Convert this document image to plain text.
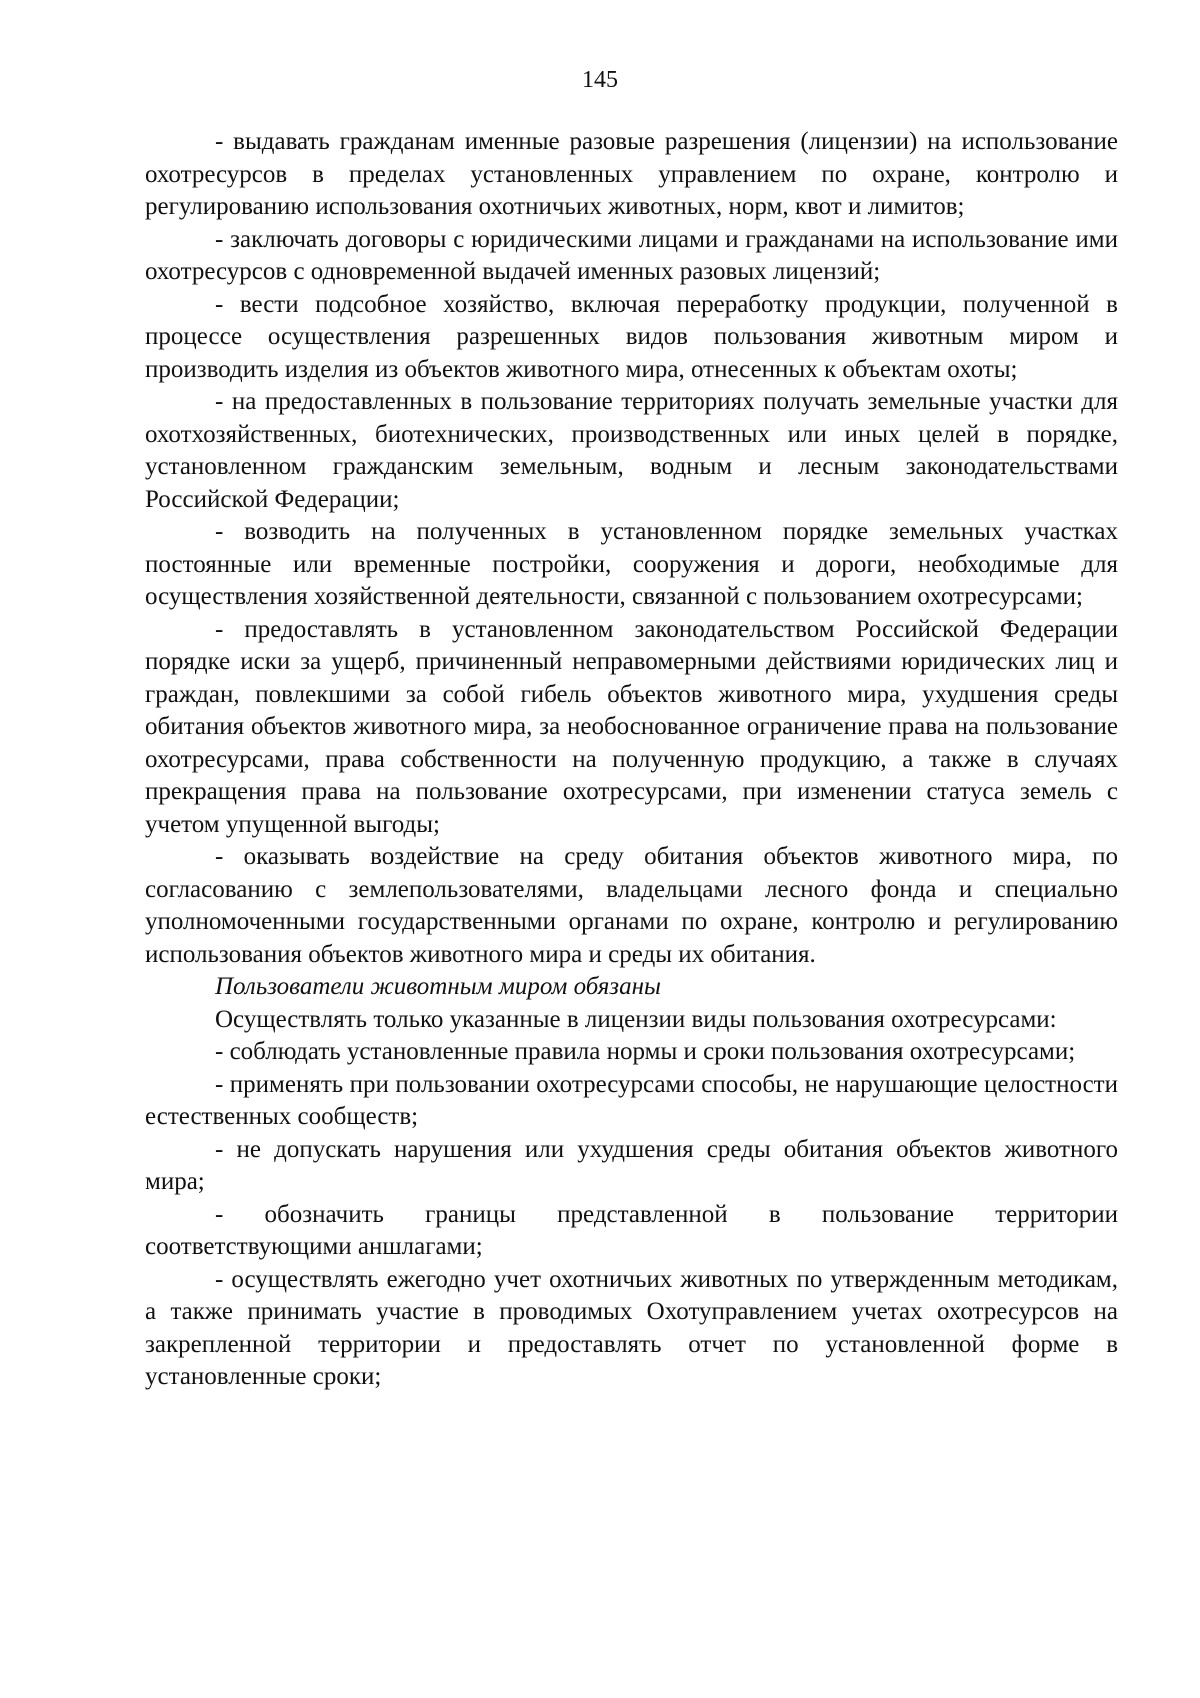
145

- выдавать гражданам именные разовые разрешения (лицензии) на использование охотресурсов в пределах установленных управлением по охране, контролю и регулированию использования охотничьих животных, норм, квот и лимитов;

- заключать договоры с юридическими лицами и гражданами на использование ими охотресурсов с одновременной выдачей именных разовых лицензий;

- вести подсобное хозяйство, включая переработку продукции, полученной в процессе осуществления разрешенных видов пользования животным миром и производить изделия из объектов животного мира, отнесенных к объектам охоты;

- на предоставленных в пользование территориях получать земельные участки для охотхозяйственных, биотехнических, производственных или иных целей в порядке, установленном гражданским земельным, водным и лесным законодательствами Российской Федерации;

- возводить на полученных в установленном порядке земельных участках постоянные или временные постройки, сооружения и дороги, необходимые для осуществления хозяйственной деятельности, связанной с пользованием охотресурсами;

- предоставлять в установленном законодательством Российской Федерации порядке иски за ущерб, причиненный неправомерными действиями юридических лиц и граждан, повлекшими за собой гибель объектов животного мира, ухудшения среды обитания объектов животного мира, за необоснованное ограничение права на пользование охотресурсами, права собственности на полученную продукцию, а также в случаях прекращения права на пользование охотресурсами, при изменении статуса земель с учетом упущенной выгоды;

- оказывать воздействие на среду обитания объектов животного мира, по согласованию с землепользователями, владельцами лесного фонда и специально уполномоченными государственными органами по охране, контролю и регулированию использования объектов животного мира и среды их обитания.

Пользователи животным миром обязаны

Осуществлять только указанные в лицензии виды пользования охотресурсами:

- соблюдать установленные правила нормы и сроки пользования охотресурсами;

- применять при пользовании охотресурсами способы, не нарушающие целостности естественных сообществ;

- не допускать нарушения или ухудшения среды обитания объектов животного мира;

- обозначить границы представленной в пользование территории соответствующими аншлагами;

- осуществлять ежегодно учет охотничьих животных по утвержденным методикам, а также принимать участие в проводимых Охотуправлением учетах охотресурсов на закрепленной территории и предоставлять отчет по установленной форме в установленные сроки;
